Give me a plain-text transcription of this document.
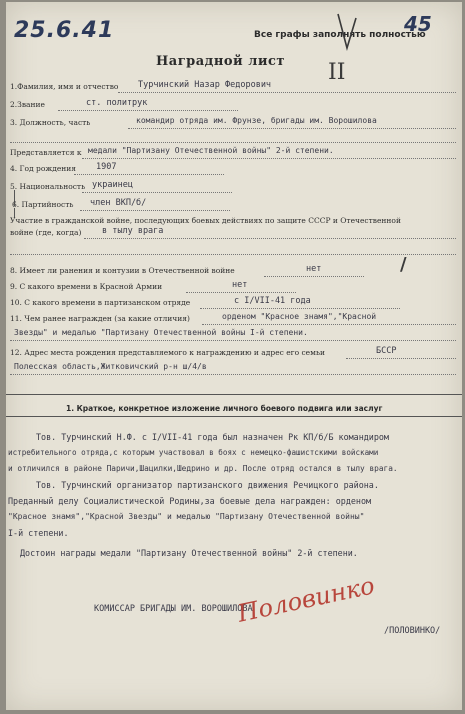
25.6.41	Все графы заполнять полностью
45
Наградной лист II
1.Фамилия, имя и отчество Турчинский Назар Федорович
2.Звание	ст. политрук
3. Должность, часть	командир отряда им. Фрунзе, бригады им. Ворошилова
Представляется к медали "Партизану Отечественной войны" 2-й степени.
4. Год рождения 1907
5. Национальность украинец
6. Партийность член ВКП/б/
Участие в гражданской войне, последующих боевых действиях по защите СССР и Отечественной
войне (где, когда) в тылу врага
/
8. Имеет ли ранения и контузии в Отечественной войне	нет
9. С какого времени в Красной Армии	нет
10. С какого времени в партизанском отряде	с I/VII-41 года
11. Чем ранее награжден (за какие отличия)	орденом "Красное знамя","Красной
Звезды" и медалью "Партизану Отечественной войны I-й степени.
12. Адрес места рождения представляемого к награждению и адрес его семьи	БССР
Полесская область,Житковичский р-н ш/4/в
1. Краткое, конкретное изложение личного боевого подвига или заслуг
Тов. Турчинский Н.Ф. с I/VII-41 года был назначен Рк КП/б/Б командиром
истребительного отряда,с которым участвовал в боях с немецко-фашистскими войсками
и отличился в районе Паричи,Шацилки,Шедрино и др. После отряд остался в тылу врага.
Тов. Турчинский организатор партизанского движения Речицкого района.
Преданный делу Социалистической Родины,за боевые дела награжден: орденом
"Красное знамя","Красной Звезды" и медалью "Партизану Отечественной войны"
I-й степени.
Достоин награды медали "Партизану Отечественной войны" 2-й степени.
КОМИССАР БРИГАДЫ ИМ. ВОРОШИЛОВА
Половинко
/ПОЛОВИНКО/
